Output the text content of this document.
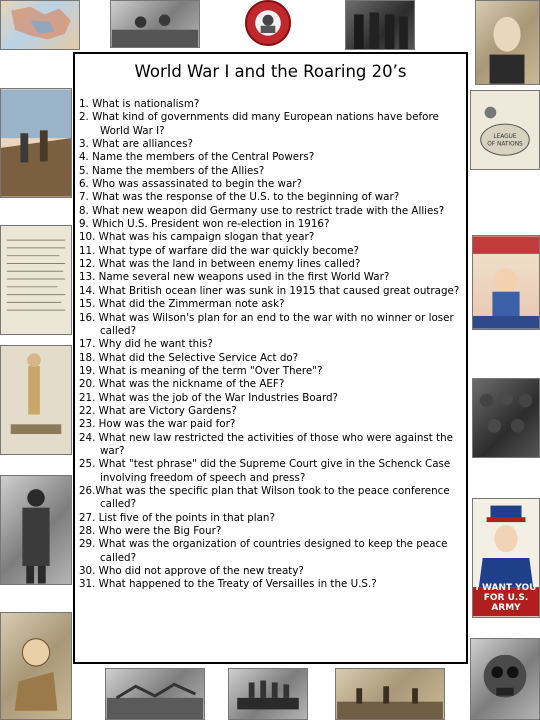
LEAGUE
OF NATIONS
I WANT YOU
FOR U.S. ARMY
World War I and the Roaring 20’s
1. What is nationalism?
2. What kind of governments did many European nations have before World War I?
3. What are alliances?
4. Name the members of the Central Powers?
5. Name the members of the Allies?
6. Who was assassinated to begin the war?
7. What was the response of the U.S. to the beginning of war?
8. What new weapon did Germany use to restrict trade with the Allies?
9. Which U.S. President won re-election in 1916?
10. What was his campaign slogan that year?
11. What type of warfare did the war quickly become?
12. What was the land in between enemy lines called?
13. Name several new weapons used in the first World War?
14. What British ocean liner was sunk in 1915 that caused great outrage?
15. What did the Zimmerman note ask?
16. What was Wilson's plan for an end to the war with no winner or loser called?
17. Why did he want this?
18. What did the Selective Service Act do?
19. What is meaning of the term "Over There"?
20. What was the nickname of the AEF?
21. What was the job of the War Industries Board?
22. What are Victory Gardens?
23. How was the war paid for?
24. What new law restricted the activities of those who were against the war?
25. What "test phrase" did the Supreme Court give in the Schenck Case involving freedom of speech and press?
26.What was the specific plan that Wilson took to the peace conference called?
27. List five of the points in that plan?
28. Who were the Big Four?
29. What was the organization of countries designed to keep the peace called?
30. Who did not approve of the new treaty?
31. What happened to the Treaty of Versailles in the U.S.?
